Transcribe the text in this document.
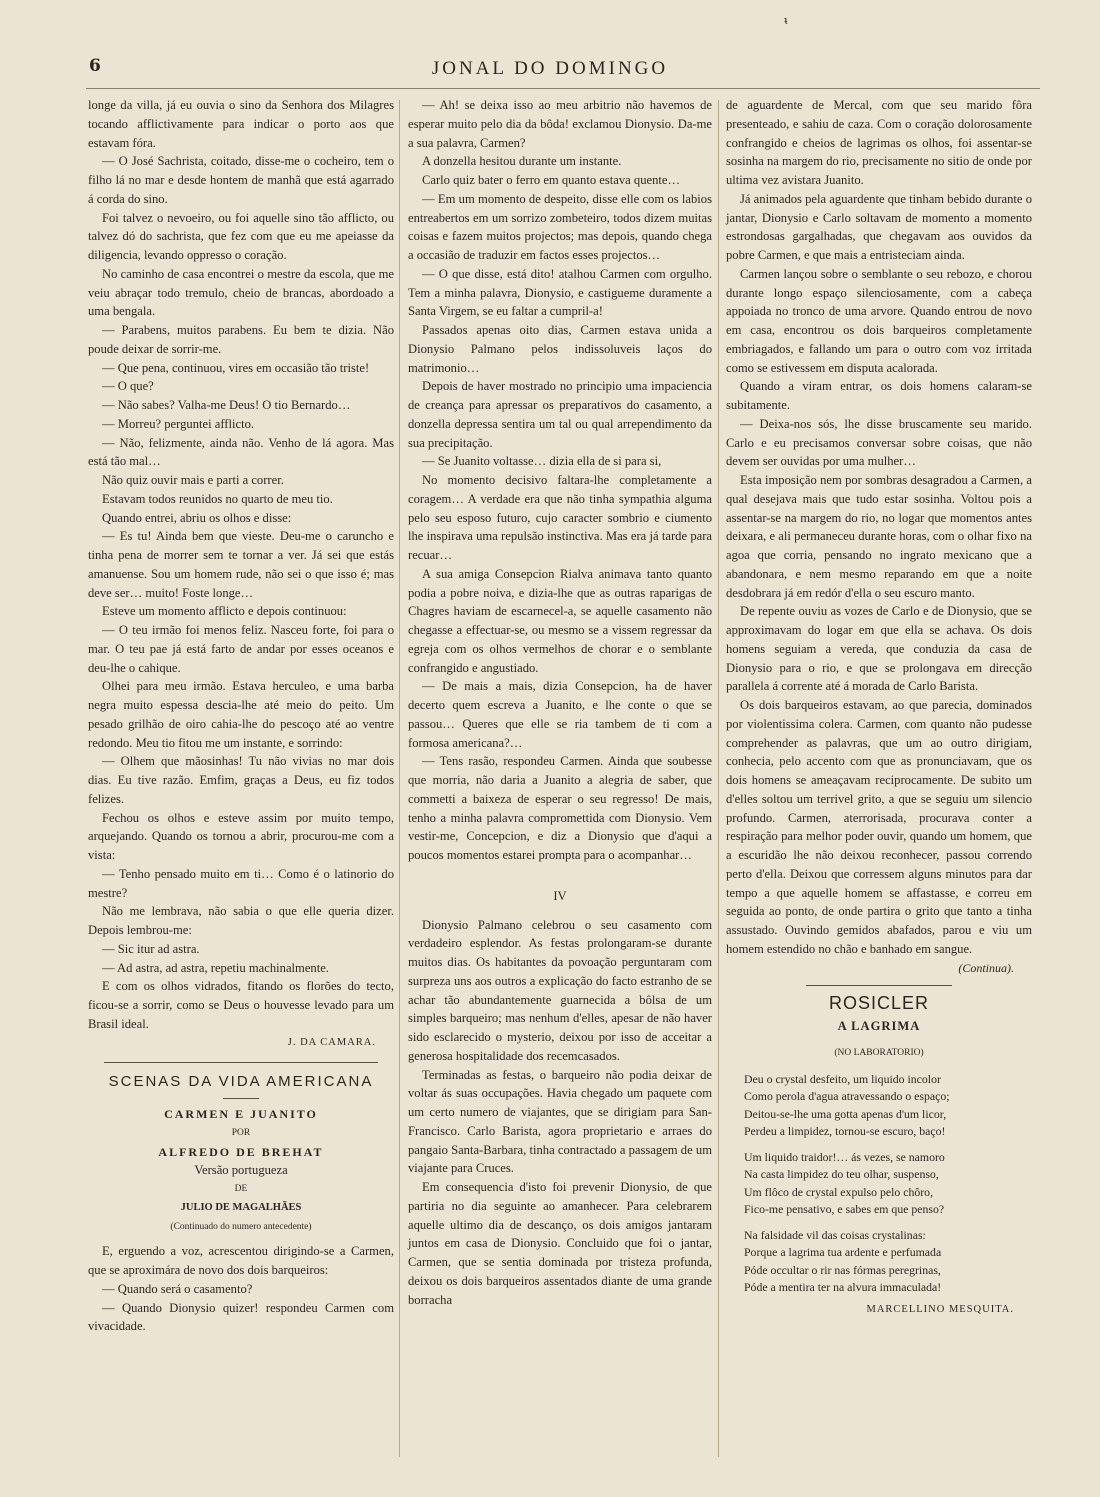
ᵼ
6	JONAL DO DOMINGO

longe da villa, já eu ouvia o sino da Senhora dos Milagres tocando afflictivamente para indicar o porto aos que estavam fóra.

— O José Sachrista, coitado, disse-me o cocheiro, tem o filho lá no mar e desde hontem de manhã que está agarrado á corda do sino.

Foi talvez o nevoeiro, ou foi aquelle sino tão afflicto, ou talvez dó do sachrista, que fez com que eu me apeiasse da diligencia, levando oppresso o coração.

No caminho de casa encontrei o mestre da escola, que me veiu abraçar todo tremulo, cheio de brancas, abordoado a uma bengala.

— Parabens, muitos parabens. Eu bem te dizia. Não poude deixar de sorrir-me.

— Que pena, continuou, vires em occasião tão triste!

— O que?

— Não sabes? Valha-me Deus! O tio Bernardo…

— Morreu? perguntei afflicto.

— Não, felizmente, ainda não. Venho de lá agora. Mas está tão mal…

Não quiz ouvir mais e parti a correr.

Estavam todos reunidos no quarto de meu tio.

Quando entrei, abriu os olhos e disse:

— Es tu! Ainda bem que vieste. Deu-me o caruncho e tinha pena de morrer sem te tornar a ver. Já sei que estás amanuense. Sou um homem rude, não sei o que isso é; mas deve ser… muito! Foste longe…

Esteve um momento afflicto e depois continuou:

— O teu irmão foi menos feliz. Nasceu forte, foi para o mar. O teu pae já está farto de andar por esses oceanos e deu-lhe o cahique.

Olhei para meu irmão. Estava herculeo, e uma barba negra muito espessa descia-lhe até meio do peito. Um pesado grilhão de oiro cahia-lhe do pescoço até ao ventre redondo. Meu tio fitou me um instante, e sorrindo:

— Olhem que mãosinhas! Tu não vivias no mar dois dias. Eu tive razão. Emfim, graças a Deus, eu fiz todos felizes.

Fechou os olhos e esteve assim por muito tempo, arquejando. Quando os tornou a abrir, procurou-me com a vista:

— Tenho pensado muito em ti… Como é o latinorio do mestre?

Não me lembrava, não sabia o que elle queria dizer. Depois lembrou-me:

— Sic itur ad astra.

— Ad astra, ad astra, repetiu machinalmente.

E com os olhos vidrados, fitando os florões do tecto, ficou-se a sorrir, como se Deus o houvesse levado para um Brasil ideal.

J. DA CAMARA.

SCENAS DA VIDA AMERICANA

CARMEN E JUANITO

POR

ALFREDO DE BREHAT

Versão portugueza

DE

JULIO DE MAGALHÃES

(Continuado do numero antecedente)

E, erguendo a voz, acrescentou dirigindo-se a Carmen, que se aproximára de novo dos dois barqueiros:

— Quando será o casamento?

— Quando Dionysio quizer! respondeu Carmen com vivacidade.

— Ah! se deixa isso ao meu arbitrio não havemos de esperar muito pelo dia da bôda! exclamou Dionysio. Da-me a sua palavra, Carmen?

A donzella hesitou durante um instante.

Carlo quiz bater o ferro em quanto estava quente…

— Em um momento de despeito, disse elle com os labios entreabertos em um sorrizo zombeteiro, todos dizem muitas coisas e fazem muitos projectos; mas depois, quando chega a occasião de traduzir em factos esses projectos…

— O que disse, está dito! atalhou Carmen com orgulho. Tem a minha palavra, Dionysio, e castigueme duramente a Santa Virgem, se eu faltar a cumpril-a!

Passados apenas oito dias, Carmen estava unida a Dionysio Palmano pelos indissoluveis laços do matrimonio…

Depois de haver mostrado no principio uma impaciencia de creança para apressar os preparativos do casamento, a donzella depressa sentira um tal ou qual arrependimento da sua precipitação.

— Se Juanito voltasse… dizia ella de si para si,

No momento decisivo faltara-lhe completamente a coragem… A verdade era que não tinha sympathia alguma pelo seu esposo futuro, cujo caracter sombrio e ciumento lhe inspirava uma repulsão instinctiva. Mas era já tarde para recuar…

A sua amiga Consepcion Rialva animava tanto quanto podia a pobre noiva, e dizia-lhe que as outras raparigas de Chagres haviam de escarnecel-a, se aquelle casamento não chegasse a effectuar-se, ou mesmo se a vissem regressar da egreja com os olhos vermelhos de chorar e o semblante confrangido e angustiado.

— De mais a mais, dizia Consepcion, ha de haver decerto quem escreva a Juanito, e lhe conte o que se passou… Queres que elle se ria tambem de ti com a formosa americana?…

— Tens rasão, respondeu Carmen. Ainda que soubesse que morria, não daria a Juanito a alegria de saber, que commetti a baixeza de esperar o seu regresso! De mais, tenho a minha palavra compromettida com Dionysio. Vem vestir-me, Concepcion, e diz a Dionysio que d'aqui a poucos momentos estarei prompta para o acompanhar…

IV

Dionysio Palmano celebrou o seu casamento com verdadeiro esplendor. As festas prolongaram-se durante muitos dias. Os habitantes da povoação perguntaram com surpreza uns aos outros a explicação do facto estranho de se achar tão abundantemente guarnecida a bôlsa de um simples barqueiro; mas nenhum d'elles, apesar de não haver sido esclarecido o mysterio, deixou por isso de acceitar a generosa hospitalidade dos recemcasados.

Terminadas as festas, o barqueiro não podia deixar de voltar ás suas occupações. Havia chegado um paquete com um certo numero de viajantes, que se dirigiam para San-Francisco. Carlo Barista, agora proprietario e arraes do pangaio Santa-Barbara, tinha contractado a passagem de um viajante para Cruces.

Em consequencia d'isto foi prevenir Dionysio, de que partiria no dia seguinte ao amanhecer. Para celebrarem aquelle ultimo dia de descanço, os dois amigos jantaram juntos em casa de Dionysio. Concluido que foi o jantar, Carmen, que se sentia dominada por tristeza profunda, deixou os dois barqueiros assentados diante de uma grande borracha

de aguardente de Mercal, com que seu marido fôra presenteado, e sahiu de caza. Com o coração dolorosamente confrangido e cheios de lagrimas os olhos, foi assentar-se sosinha na margem do rio, precisamente no sitio de onde por ultima vez avistara Juanito.

Já animados pela aguardente que tinham bebido durante o jantar, Dionysio e Carlo soltavam de momento a momento estrondosas gargalhadas, que chegavam aos ouvidos da pobre Carmen, e que mais a entristeciam ainda.

Carmen lançou sobre o semblante o seu rebozo, e chorou durante longo espaço silenciosamente, com a cabeça appoiada no tronco de uma arvore. Quando entrou de novo em casa, encontrou os dois barqueiros completamente embriagados, e fallando um para o outro com voz irritada como se estivessem em disputa acalorada.

Quando a viram entrar, os dois homens calaram-se subitamente.

— Deixa-nos sós, lhe disse bruscamente seu marido. Carlo e eu precisamos conversar sobre coisas, que não devem ser ouvidas por uma mulher…

Esta imposição nem por sombras desagradou a Carmen, a qual desejava mais que tudo estar sosinha. Voltou pois a assentar-se na margem do rio, no logar que momentos antes deixara, e ali permaneceu durante horas, com o olhar fixo na agoa que corria, pensando no ingrato mexicano que a abandonara, e nem mesmo reparando em que a noite desdobrara já em redór d'ella o seu escuro manto.

De repente ouviu as vozes de Carlo e de Dionysio, que se approximavam do logar em que ella se achava. Os dois homens seguiam a vereda, que conduzia da casa de Dionysio para o rio, e que se prolongava em direcção parallela á corrente até á morada de Carlo Barista.

Os dois barqueiros estavam, ao que parecia, dominados por violentissima colera. Carmen, com quanto não pudesse comprehender as palavras, que um ao outro dirigiam, conhecia, pelo accento com que as pronunciavam, que os dois homens se ameaçavam reciprocamente. De subito um d'elles soltou um terrivel grito, a que se seguiu um silencio profundo. Carmen, aterrorisada, procurava conter a respiração para melhor poder ouvir, quando um homem, que a escuridão lhe não deixou reconhecer, passou correndo perto d'ella. Deixou que corressem alguns minutos para dar tempo a que aquelle homem se affastasse, e correu em seguida ao ponto, de onde partira o grito que tanto a tinha assustado. Ouvindo gemidos abafados, parou e viu um homem estendido no chão e banhado em sangue.

(Continua).

ROSICLER

A LAGRIMA

(NO LABORATORIO)

Deu o crystal desfeito, um liquido incolor

Como perola d'agua atravessando o espaço;

Deitou-se-lhe uma gotta apenas d'um licor,

Perdeu a limpidez, tornou-se escuro, baço!

Um liquido traidor!… ás vezes, se namoro

Na casta limpidez do teu olhar, suspenso,

Um flôco de crystal expulso pelo chôro,

Fico-me pensativo, e sabes em que penso?

Na falsidade vil das coisas crystalinas:

Porque a lagrima tua ardente e perfumada

Póde occultar o rir nas fórmas peregrinas,

Póde a mentira ter na alvura immaculada!

MARCELLINO MESQUITA.
